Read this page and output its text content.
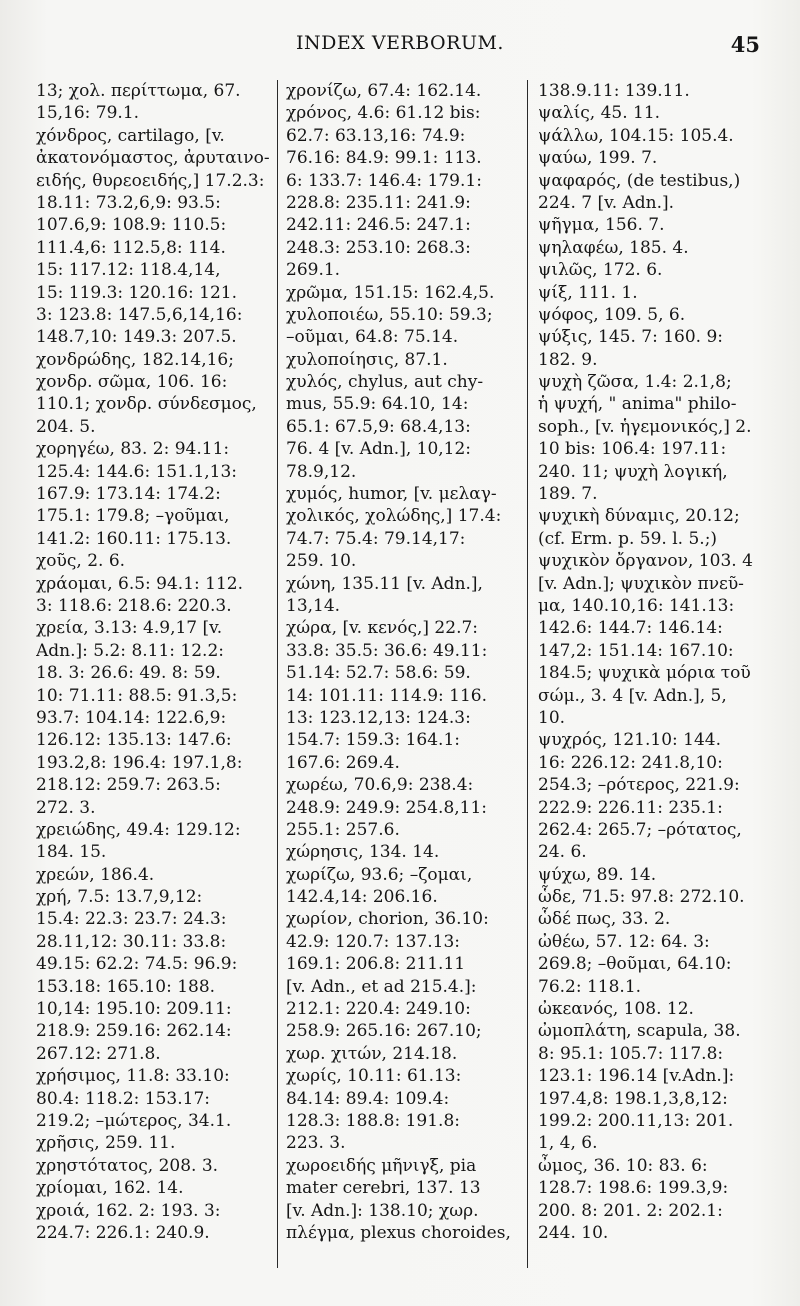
INDEX VERBORUM.	45
13; χολ. περίττωμα, 67.
15,16: 79.1.
χόνδρος, cartilago, [v.
ἀκατονόμαστος, ἀρυταινο-
ειδής, θυρεοειδής,] 17.2.3:
18.11: 73.2,6,9: 93.5:
107.6,9: 108.9: 110.5:
111.4,6: 112.5,8: 114.
15: 117.12: 118.4,14,
15: 119.3: 120.16: 121.
3: 123.8: 147.5,6,14,16:
148.7,10: 149.3: 207.5.
χονδρώδης, 182.14,16;
χονδρ. σῶμα, 106. 16:
110.1; χονδρ. σύνδεσμος,
204. 5.
χορηγέω, 83. 2: 94.11:
125.4: 144.6: 151.1,13:
167.9: 173.14: 174.2:
175.1: 179.8; –γοῦμαι,
141.2: 160.11: 175.13.
χοῦς, 2. 6.
χράομαι, 6.5: 94.1: 112.
3: 118.6: 218.6: 220.3.
χρεία, 3.13: 4.9,17 [v.
Adn.]: 5.2: 8.11: 12.2:
18. 3: 26.6: 49. 8: 59.
10: 71.11: 88.5: 91.3,5:
93.7: 104.14: 122.6,9:
126.12: 135.13: 147.6:
193.2,8: 196.4: 197.1,8:
218.12: 259.7: 263.5:
272. 3.
χρειώδης, 49.4: 129.12:
184. 15.
χρεών, 186.4.
χρή, 7.5: 13.7,9,12:
15.4: 22.3: 23.7: 24.3:
28.11,12: 30.11: 33.8:
49.15: 62.2: 74.5: 96.9:
153.18: 165.10: 188.
10,14: 195.10: 209.11:
218.9: 259.16: 262.14:
267.12: 271.8.
χρήσιμος, 11.8: 33.10:
80.4: 118.2: 153.17:
219.2; –μώτερος, 34.1.
χρῆσις, 259. 11.
χρηστότατος, 208. 3.
χρίομαι, 162. 14.
χροιά, 162. 2: 193. 3:
224.7: 226.1: 240.9.
χρονίζω, 67.4: 162.14.
χρόνος, 4.6: 61.12 bis:
62.7: 63.13,16: 74.9:
76.16: 84.9: 99.1: 113.
6: 133.7: 146.4: 179.1:
228.8: 235.11: 241.9:
242.11: 246.5: 247.1:
248.3: 253.10: 268.3:
269.1.
χρῶμα, 151.15: 162.4,5.
χυλοποιέω, 55.10: 59.3;
–οῦμαι, 64.8: 75.14.
χυλοποίησις, 87.1.
χυλός, chylus, aut chy-
mus, 55.9: 64.10, 14:
65.1: 67.5,9: 68.4,13:
76. 4 [v. Adn.], 10,12:
78.9,12.
χυμός, humor, [v. μελαγ-
χολικός, χολώδης,] 17.4:
74.7: 75.4: 79.14,17:
259. 10.
χώνη, 135.11 [v. Adn.],
13,14.
χώρα, [v. κενός,] 22.7:
33.8: 35.5: 36.6: 49.11:
51.14: 52.7: 58.6: 59.
14: 101.11: 114.9: 116.
13: 123.12,13: 124.3:
154.7: 159.3: 164.1:
167.6: 269.4.
χωρέω, 70.6,9: 238.4:
248.9: 249.9: 254.8,11:
255.1: 257.6.
χώρησις, 134. 14.
χωρίζω, 93.6; –ζομαι,
142.4,14: 206.16.
χωρίον, chorion, 36.10:
42.9: 120.7: 137.13:
169.1: 206.8: 211.11
[v. Adn., et ad 215.4.]:
212.1: 220.4: 249.10:
258.9: 265.16: 267.10;
χωρ. χιτών, 214.18.
χωρίς, 10.11: 61.13:
84.14: 89.4: 109.4:
128.3: 188.8: 191.8:
223. 3.
χωροειδής μῆνιγξ, pia
mater cerebri, 137. 13
[v. Adn.]: 138.10; χωρ.
πλέγμα, plexus choroides,
138.9.11: 139.11.
ψαλίς, 45. 11.
ψάλλω, 104.15: 105.4.
ψαύω, 199. 7.
ψαφαρός, (de testibus,)
224. 7 [v. Adn.].
ψῆγμα, 156. 7.
ψηλαφέω, 185. 4.
ψιλῶς, 172. 6.
ψίξ, 111. 1.
ψόφος, 109. 5, 6.
ψύξις, 145. 7: 160. 9:
182. 9.
ψυχὴ ζῶσα, 1.4: 2.1,8;
ἡ ψυχή, " anima" philo-
soph., [v. ἡγεμονικός,] 2.
10 bis: 106.4: 197.11:
240. 11; ψυχὴ λογική,
189. 7.
ψυχικὴ δύναμις, 20.12;
(cf. Erm. p. 59. l. 5.;)
ψυχικὸν ὄργανον, 103. 4
[v. Adn.]; ψυχικὸν πνεῦ-
μα, 140.10,16: 141.13:
142.6: 144.7: 146.14:
147,2: 151.14: 167.10:
184.5; ψυχικὰ μόρια τοῦ
σώμ., 3. 4 [v. Adn.], 5,
10.
ψυχρός, 121.10: 144.
16: 226.12: 241.8,10:
254.3; –ρότερος, 221.9:
222.9: 226.11: 235.1:
262.4: 265.7; –ρότατος,
24. 6.
ψύχω, 89. 14.
ὧδε, 71.5: 97.8: 272.10.
ὧδέ πως, 33. 2.
ὠθέω, 57. 12: 64. 3:
269.8; –θοῦμαι, 64.10:
76.2: 118.1.
ὠκεανός, 108. 12.
ὠμοπλάτη, scapula, 38.
8: 95.1: 105.7: 117.8:
123.1: 196.14 [v.Adn.]:
197.4,8: 198.1,3,8,12:
199.2: 200.11,13: 201.
1, 4, 6.
ὦμος, 36. 10: 83. 6:
128.7: 198.6: 199.3,9:
200. 8: 201. 2: 202.1:
244. 10.
